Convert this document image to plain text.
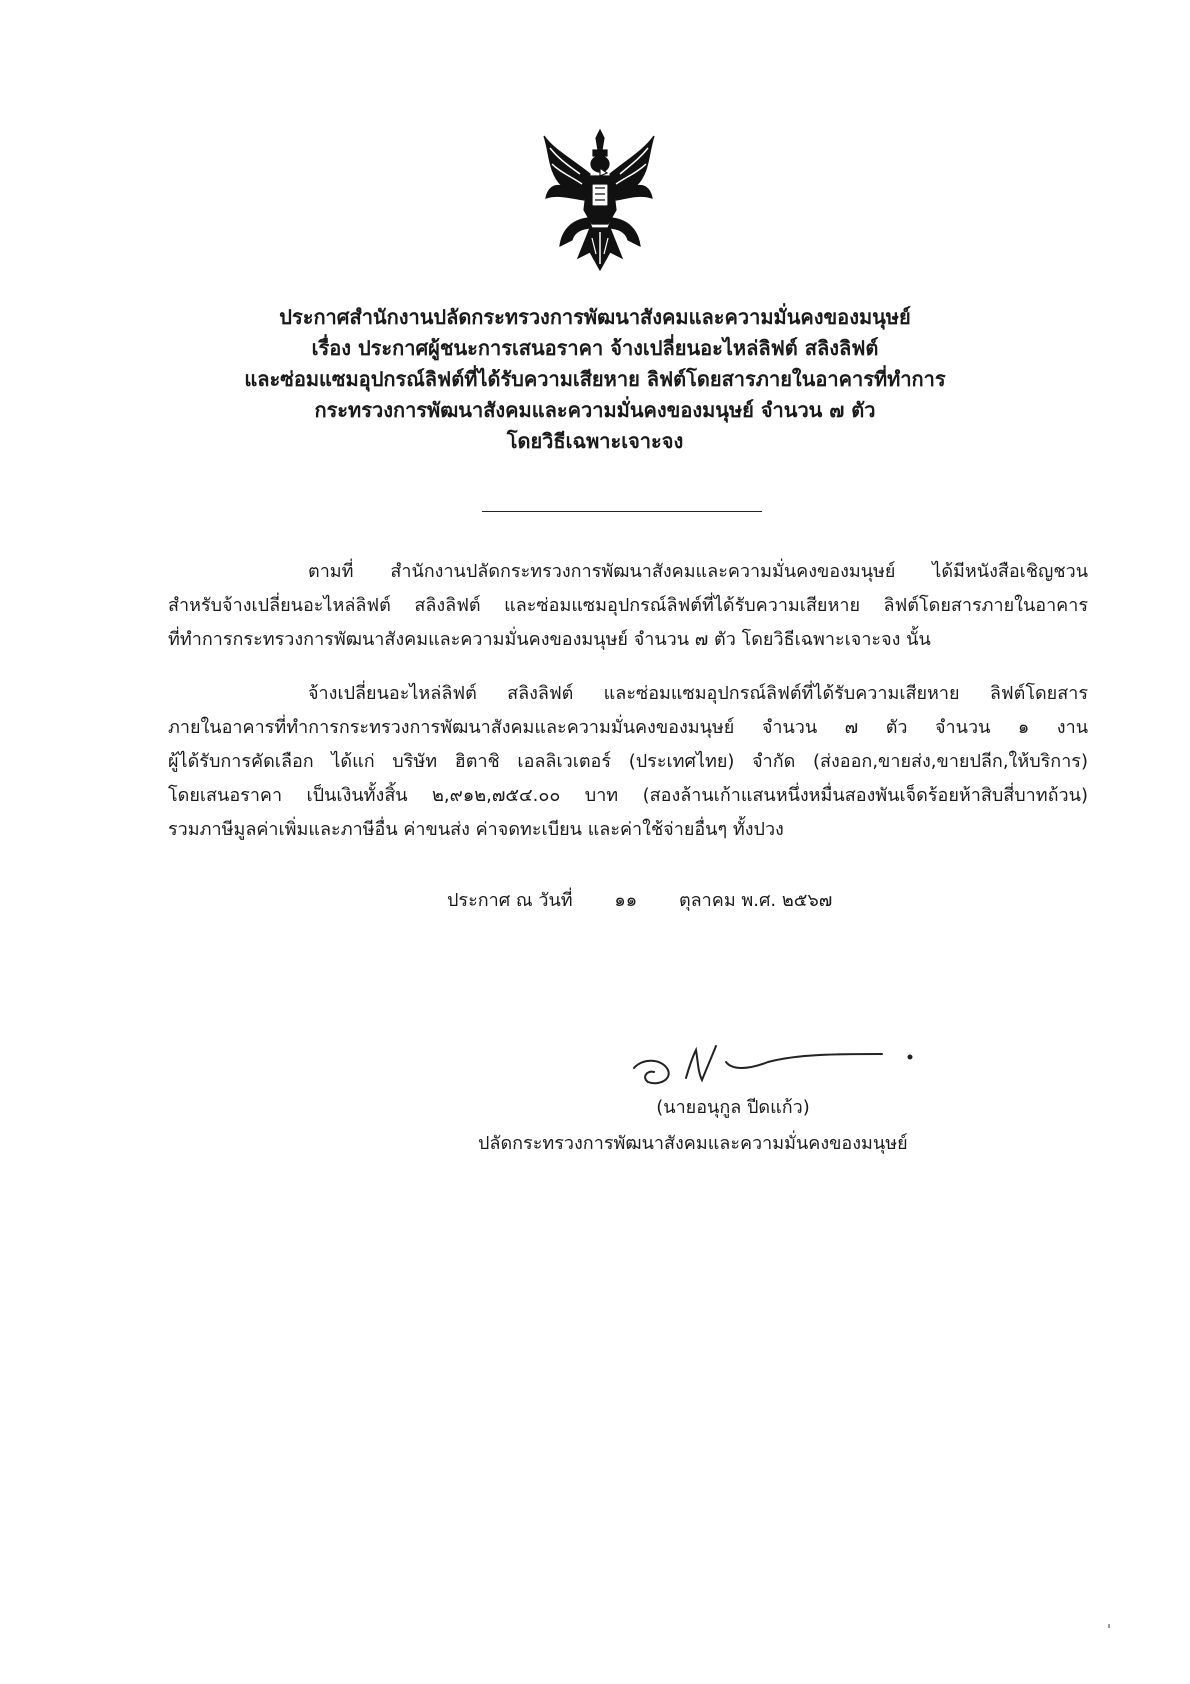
ประกาศสำนักงานปลัดกระทรวงการพัฒนาสังคมและความมั่นคงของมนุษย์
เรื่อง ประกาศผู้ชนะการเสนอราคา จ้างเปลี่ยนอะไหล่ลิฟต์ สลิงลิฟต์
และซ่อมแซมอุปกรณ์ลิฟต์ที่ได้รับความเสียหาย ลิฟต์โดยสารภายในอาคารที่ทำการ
กระทรวงการพัฒนาสังคมและความมั่นคงของมนุษย์ จำนวน ๗ ตัว
โดยวิธีเฉพาะเจาะจง
ตามที่ สำนักงานปลัดกระทรวงการพัฒนาสังคมและความมั่นคงของมนุษย์ ได้มีหนังสือเชิญชวน
สำหรับจ้างเปลี่ยนอะไหล่ลิฟต์ สลิงลิฟต์ และซ่อมแซมอุปกรณ์ลิฟต์ที่ได้รับความเสียหาย ลิฟต์โดยสารภายในอาคาร
ที่ทำการกระทรวงการพัฒนาสังคมและความมั่นคงของมนุษย์ จำนวน ๗ ตัว โดยวิธีเฉพาะเจาะจง นั้น
จ้างเปลี่ยนอะไหล่ลิฟต์ สลิงลิฟต์ และซ่อมแซมอุปกรณ์ลิฟต์ที่ได้รับความเสียหาย ลิฟต์โดยสาร
ภายในอาคารที่ทำการกระทรวงการพัฒนาสังคมและความมั่นคงของมนุษย์ จำนวน ๗ ตัว จำนวน ๑ งาน
ผู้ได้รับการคัดเลือก ได้แก่ บริษัท ฮิตาชิ เอลลิเวเตอร์ (ประเทศไทย) จำกัด (ส่งออก,ขายส่ง,ขายปลีก,ให้บริการ)
โดยเสนอราคา เป็นเงินทั้งสิ้น ๒,๙๑๒,๗๕๔.๐๐ บาท (สองล้านเก้าแสนหนึ่งหมื่นสองพันเจ็ดร้อยห้าสิบสี่บาทถ้วน)
รวมภาษีมูลค่าเพิ่มและภาษีอื่น ค่าขนส่ง ค่าจดทะเบียน และค่าใช้จ่ายอื่นๆ ทั้งปวง
ประกาศ ณ วันที่ ๑๑ ตุลาคม พ.ศ. ๒๕๖๗
(นายอนุกูล ปีดแก้ว)
ปลัดกระทรวงการพัฒนาสังคมและความมั่นคงของมนุษย์
